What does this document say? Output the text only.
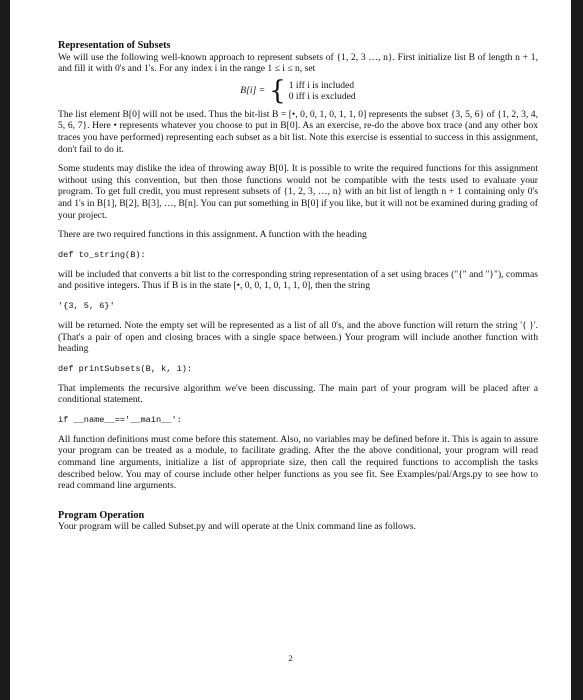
Representation of Subsets

We will use the following well-known approach to represent subsets of {1, 2, 3 …, n}. First initialize list B of length n + 1, and fill it with 0's and 1's. For any index i in the range 1 ≤ i ≤ n, set

B[i] = { 1 iff i is included
0 iff i is excluded

The list element B[0] will not be used. Thus the bit-list B = [•, 0, 0, 1, 0, 1, 1, 0] represents the subset {3, 5, 6} of {1, 2, 3, 4, 5, 6, 7}. Here • represents whatever you choose to put in B[0]. As an exercise, re-do the above box trace (and any other box traces you have performed) representing each subset as a bit list. Note this exercise is essential to success in this assignment, don't fail to do it.

Some students may dislike the idea of throwing away B[0]. It is possible to write the required functions for this assignment without using this convention, but then those functions would not be compatible with the tests used to evaluate your program. To get full credit, you must represent subsets of {1, 2, 3, …, n} with an bit list of length n + 1 containing only 0's and 1's in B[1], B[2], B[3], …, B[n]. You can put something in B[0] if you like, but it will not be examined during grading of your project.

There are two required functions in this assignment. A function with the heading

def to_string(B):

will be included that converts a bit list to the corresponding string representation of a set using braces ("{" and "}"), commas and positive integers. Thus if B is in the state [•, 0, 0, 1, 0, 1, 1, 0], then the string

'{3, 5, 6}'

will be returned. Note the empty set will be represented as a list of all 0's, and the above function will return the string '{ }'. (That's a pair of open and closing braces with a single space between.) Your program will include another function with heading

def printSubsets(B, k, i):

That implements the recursive algorithm we've been discussing. The main part of your program will be placed after a conditional statement.

if __name__=='__main__':

All function definitions must come before this statement. Also, no variables may be defined before it. This is again to assure your program can be treated as a module, to facilitate grading. After the the above conditional, your program will read command line arguments, initialize a list of appropriate size, then call the required functions to accomplish the tasks described below. You may of course include other helper functions as you see fit. See Examples/pal/Args.py to see how to read command line arguments.

Program Operation

Your program will be called Subset.py and will operate at the Unix command line as follows.

2
